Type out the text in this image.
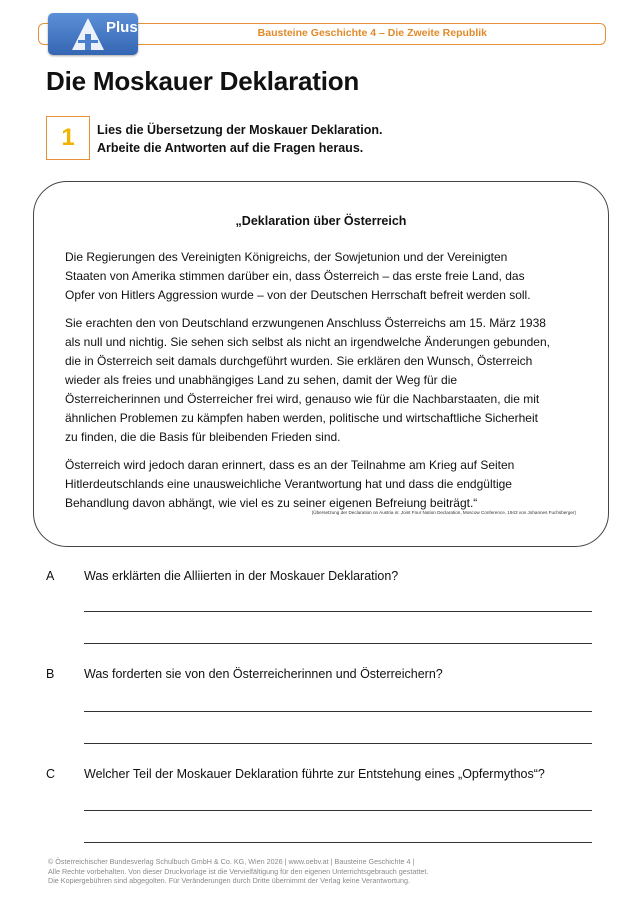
Bausteine Geschichte 4 – Die Zweite Republik
Plus
Die Moskauer Deklaration
1	Lies die Übersetzung der Moskauer Deklaration.
Arbeite die Antworten auf die Fragen heraus.
„Deklaration über Österreich

Die Regierungen des Vereinigten Königreichs, der Sowjetunion und der Vereinigten
Staaten von Amerika stimmen darüber ein, dass Österreich – das erste freie Land, das
Opfer von Hitlers Aggression wurde – von der Deutschen Herrschaft befreit werden soll.

Sie erachten den von Deutschland erzwungenen Anschluss Österreichs am 15. März 1938
als null und nichtig. Sie sehen sich selbst als nicht an irgendwelche Änderungen gebunden,
die in Österreich seit damals durchgeführt wurden. Sie erklären den Wunsch, Österreich
wieder als freies und unabhängiges Land zu sehen, damit der Weg für die
Österreicherinnen und Österreicher frei wird, genauso wie für die Nachbarstaaten, die mit
ähnlichen Problemen zu kämpfen haben werden, politische und wirtschaftliche Sicherheit
zu finden, die die Basis für bleibenden Frieden sind.

Österreich wird jedoch daran erinnert, dass es an der Teilnahme am Krieg auf Seiten
Hitlerdeutschlands eine unausweichliche Verantwortung hat und dass die endgültige
Behandlung davon abhängt, wie viel es zu seiner eigenen Befreiung beiträgt.“

(Übersetzung der Declaration on Austria in: Joint Four Nation Declaration, Moscow Conference, 1943 von Johannes Fuchsberger)
A Was erklärten die Alliierten in der Moskauer Deklaration?
B Was forderten sie von den Österreicherinnen und Österreichern?
C Welcher Teil der Moskauer Deklaration führte zur Entstehung eines „Opfermythos“?
© Österreichischer Bundesverlag Schulbuch GmbH & Co. KG, Wien 2026 | www.oebv.at | Bausteine Geschichte 4 |
Alle Rechte vorbehalten. Von dieser Druckvorlage ist die Vervielfältigung für den eigenen Unterrichtsgebrauch gestattet.
Die Kopiergebühren sind abgegolten. Für Veränderungen durch Dritte übernimmt der Verlag keine Verantwortung.
